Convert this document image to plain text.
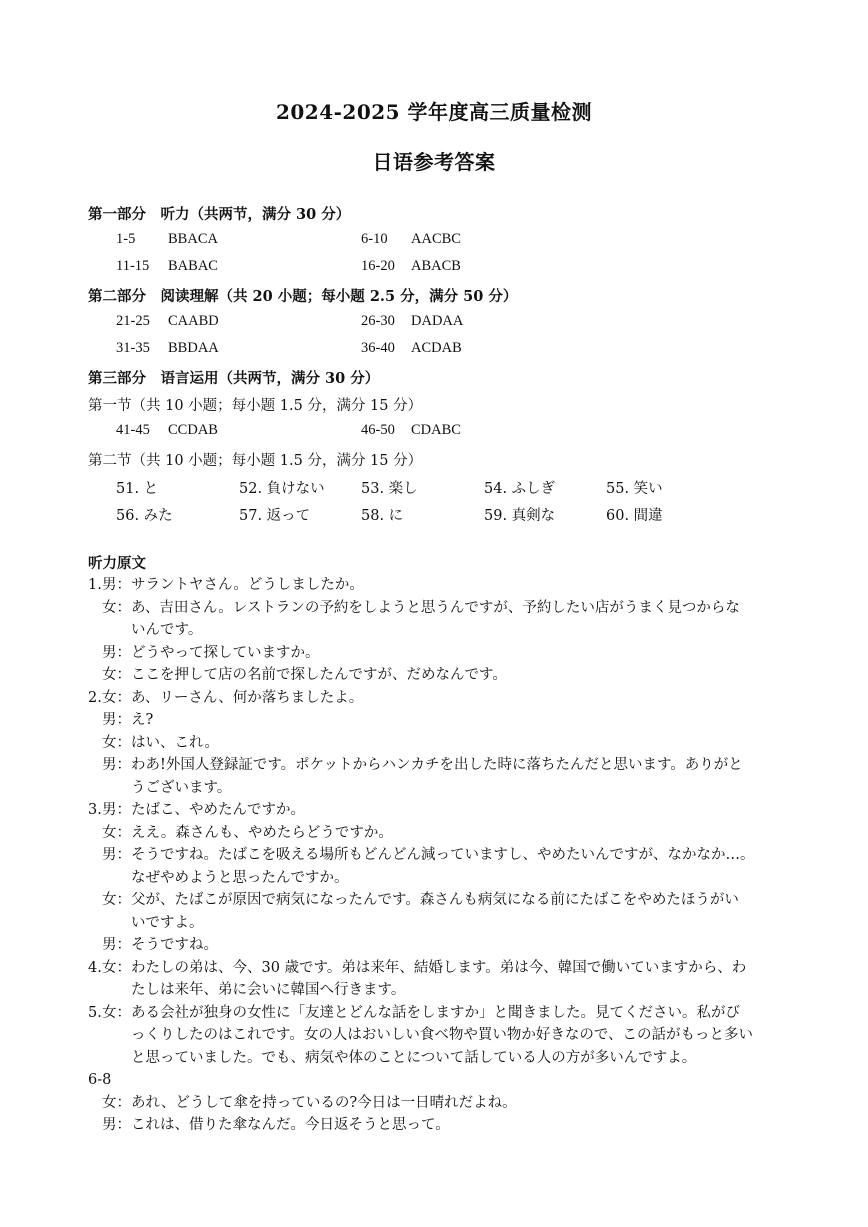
2024-2025 学年度高三质量检测
日语参考答案
第一部分　听力（共两节，满分 30 分）
1-5 BBACA	6-10 AACBC
11-15 BABAC	16-20 ABACB
第二部分　阅读理解（共 20 小题；每小题 2.5 分，满分 50 分）
21-25 CAABD	26-30 DADAA
31-35 BBDAA	36-40 ACDAB
第三部分　语言运用（共两节，满分 30 分）
第一节（共 10 小题；每小题 1.5 分，满分 15 分）
41-45 CCDAB	46-50 CDABC
第二节（共 10 小题；每小题 1.5 分，满分 15 分）
51. と	52. 負けない	53. 楽し	54. ふしぎ	55. 笑い
56. みた	57. 返って	58. に	59. 真剣な	60. 間違
听力原文
1. 男： サラントヤさん。どうしましたか。
女： あ、吉田さん。レストランの予約をしようと思うんですが、予約したい店がうまく見つからな
いんです。
男： どうやって探していますか。
女： ここを押して店の名前で探したんですが、だめなんです。
2. 女： あ、リーさん、何か落ちましたよ。
男： え?
女： はい、これ。
男： わあ!外国人登録証です。ポケットからハンカチを出した時に落ちたんだと思います。ありがと
うございます。
3. 男： たばこ、やめたんですか。
女： ええ。森さんも、やめたらどうですか。
男： そうですね。たばこを吸える場所もどんどん減っていますし、やめたいんですが、なかなか…。
なぜやめようと思ったんですか。
女： 父が、たばこが原因で病気になったんです。森さんも病気になる前にたばこをやめたほうがい
いですよ。
男： そうですね。
4. 女： わたしの弟は、今、30 歳です。弟は来年、結婚します。弟は今、韓国で働いていますから、わ
たしは来年、弟に会いに韓国へ行きます。
5. 女： ある会社が独身の女性に「友達とどんな話をしますか」と聞きました。見てください。私がび
っくりしたのはこれです。女の人はおいしい食べ物や買い物か好きなので、この話がもっと多い
と思っていました。でも、病気や体のことについて話している人の方が多いんですよ。
6-8
女： あれ、どうして傘を持っているの?今日は一日晴れだよね。
男： これは、借りた傘なんだ。今日返そうと思って。
